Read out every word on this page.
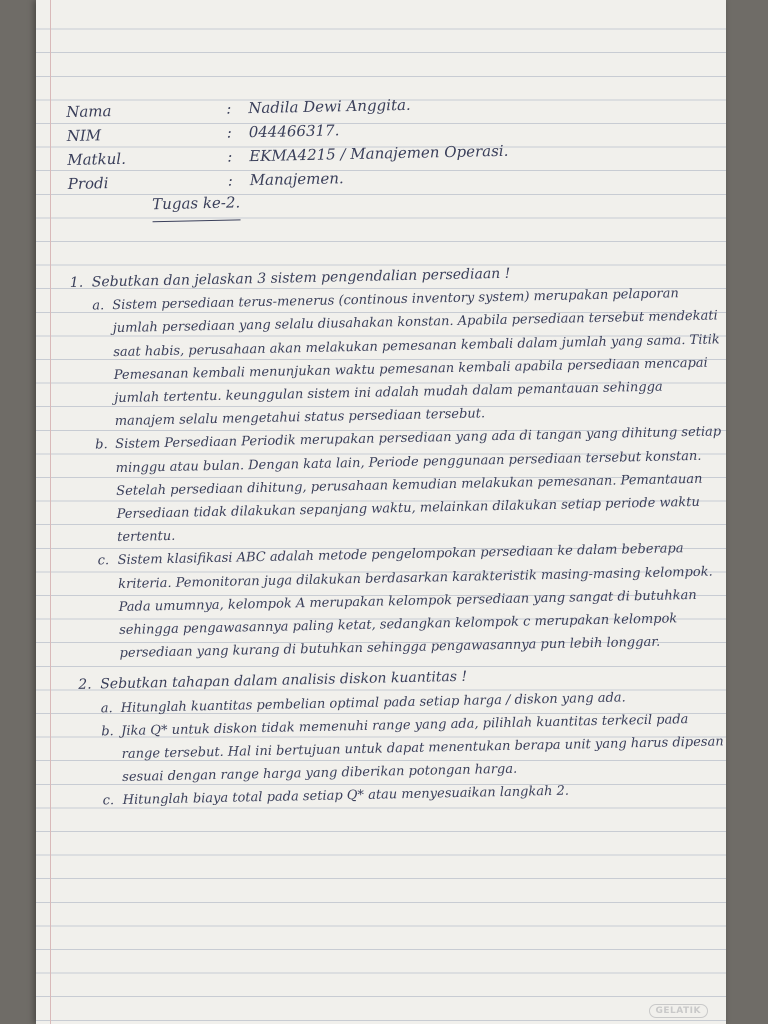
Nama	:	Nadila Dewi Anggita.
NIM	:	044466317.
Matkul.	:	EKMA4215 / Manajemen Operasi.
Prodi	:	Manajemen.
Tugas ke-2.
1. Sebutkan dan jelaskan 3 sistem pengendalian persediaan !
a. Sistem persediaan terus-menerus (continous inventory system) merupakan pelaporan jumlah persediaan yang selalu diusahakan konstan. Apabila persediaan tersebut mendekati saat habis, perusahaan akan melakukan pemesanan kembali dalam jumlah yang sama. Titik Pemesanan kembali menunjukan waktu pemesanan kembali apabila persediaan mencapai jumlah tertentu. keunggulan sistem ini adalah mudah dalam pemantauan sehingga manajem selalu mengetahui status persediaan tersebut.
b. Sistem Persediaan Periodik merupakan persediaan yang ada di tangan yang dihitung setiap minggu atau bulan. Dengan kata lain, Periode penggunaan persediaan tersebut konstan. Setelah persediaan dihitung, perusahaan kemudian melakukan pemesanan. Pemantauan Persediaan tidak dilakukan sepanjang waktu, melainkan dilakukan setiap periode waktu tertentu.
c. Sistem klasifikasi ABC adalah metode pengelompokan persediaan ke dalam beberapa kriteria. Pemonitoran juga dilakukan berdasarkan karakteristik masing-masing kelompok. Pada umumnya, kelompok A merupakan kelompok persediaan yang sangat di butuhkan sehingga pengawasannya paling ketat, sedangkan kelompok c merupakan kelompok persediaan yang kurang di butuhkan sehingga pengawasannya pun lebih longgar.
2. Sebutkan tahapan dalam analisis diskon kuantitas !
a. Hitunglah kuantitas pembelian optimal pada setiap harga / diskon yang ada.
b. Jika Q* untuk diskon tidak memenuhi range yang ada, pilihlah kuantitas terkecil pada range tersebut. Hal ini bertujuan untuk dapat menentukan berapa unit yang harus dipesan sesuai dengan range harga yang diberikan potongan harga.
c. Hitunglah biaya total pada setiap Q* atau menyesuaikan langkah 2.
GELATIK
